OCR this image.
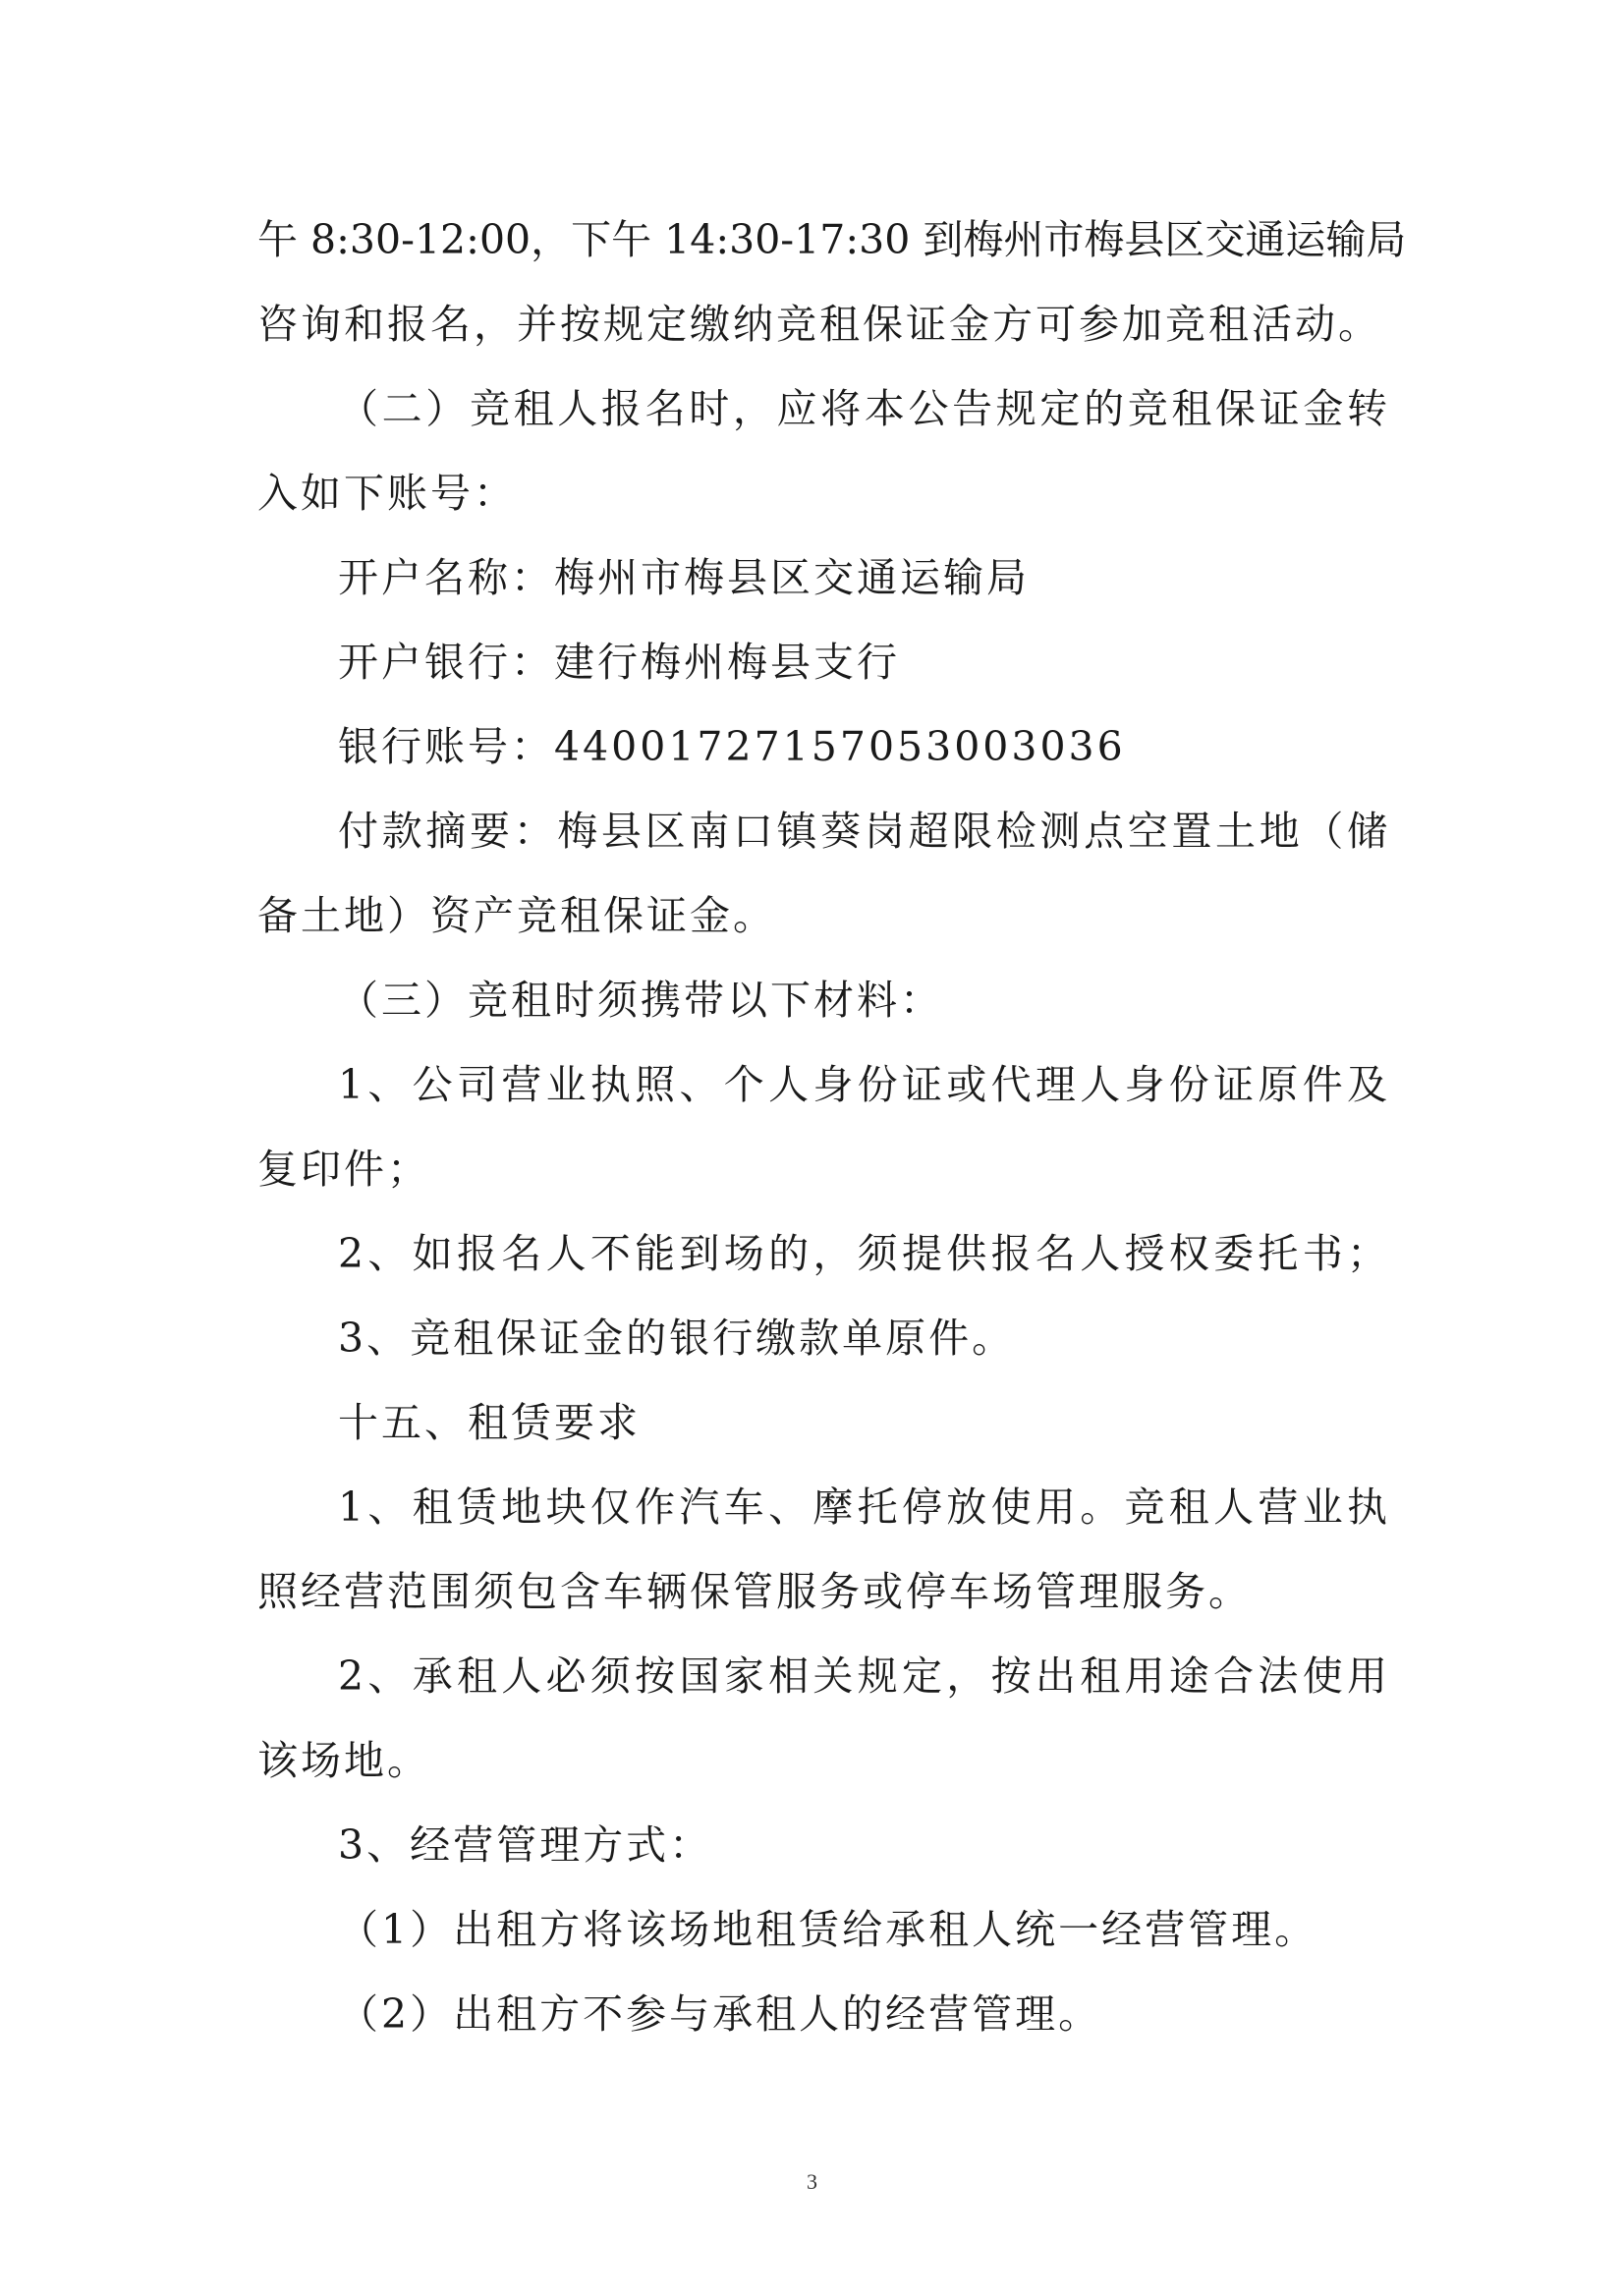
午 8:30-12:00，下午 14:30-17:30 到梅州市梅县区交通运输局
咨询和报名，并按规定缴纳竞租保证金方可参加竞租活动。
（二）竞租人报名时，应将本公告规定的竞租保证金转
入如下账号：
开户名称：梅州市梅县区交通运输局
开户银行：建行梅州梅县支行
银行账号：44001727157053003036
付款摘要：梅县区南口镇葵岗超限检测点空置土地（储
备土地）资产竞租保证金。
（三）竞租时须携带以下材料：
1、公司营业执照、个人身份证或代理人身份证原件及
复印件；
2、如报名人不能到场的，须提供报名人授权委托书；
3、竞租保证金的银行缴款单原件。
十五、租赁要求
1、租赁地块仅作汽车、摩托停放使用。竞租人营业执
照经营范围须包含车辆保管服务或停车场管理服务。
2、承租人必须按国家相关规定，按出租用途合法使用
该场地。
3、经营管理方式：
（1）出租方将该场地租赁给承租人统一经营管理。
（2）出租方不参与承租人的经营管理。
3
